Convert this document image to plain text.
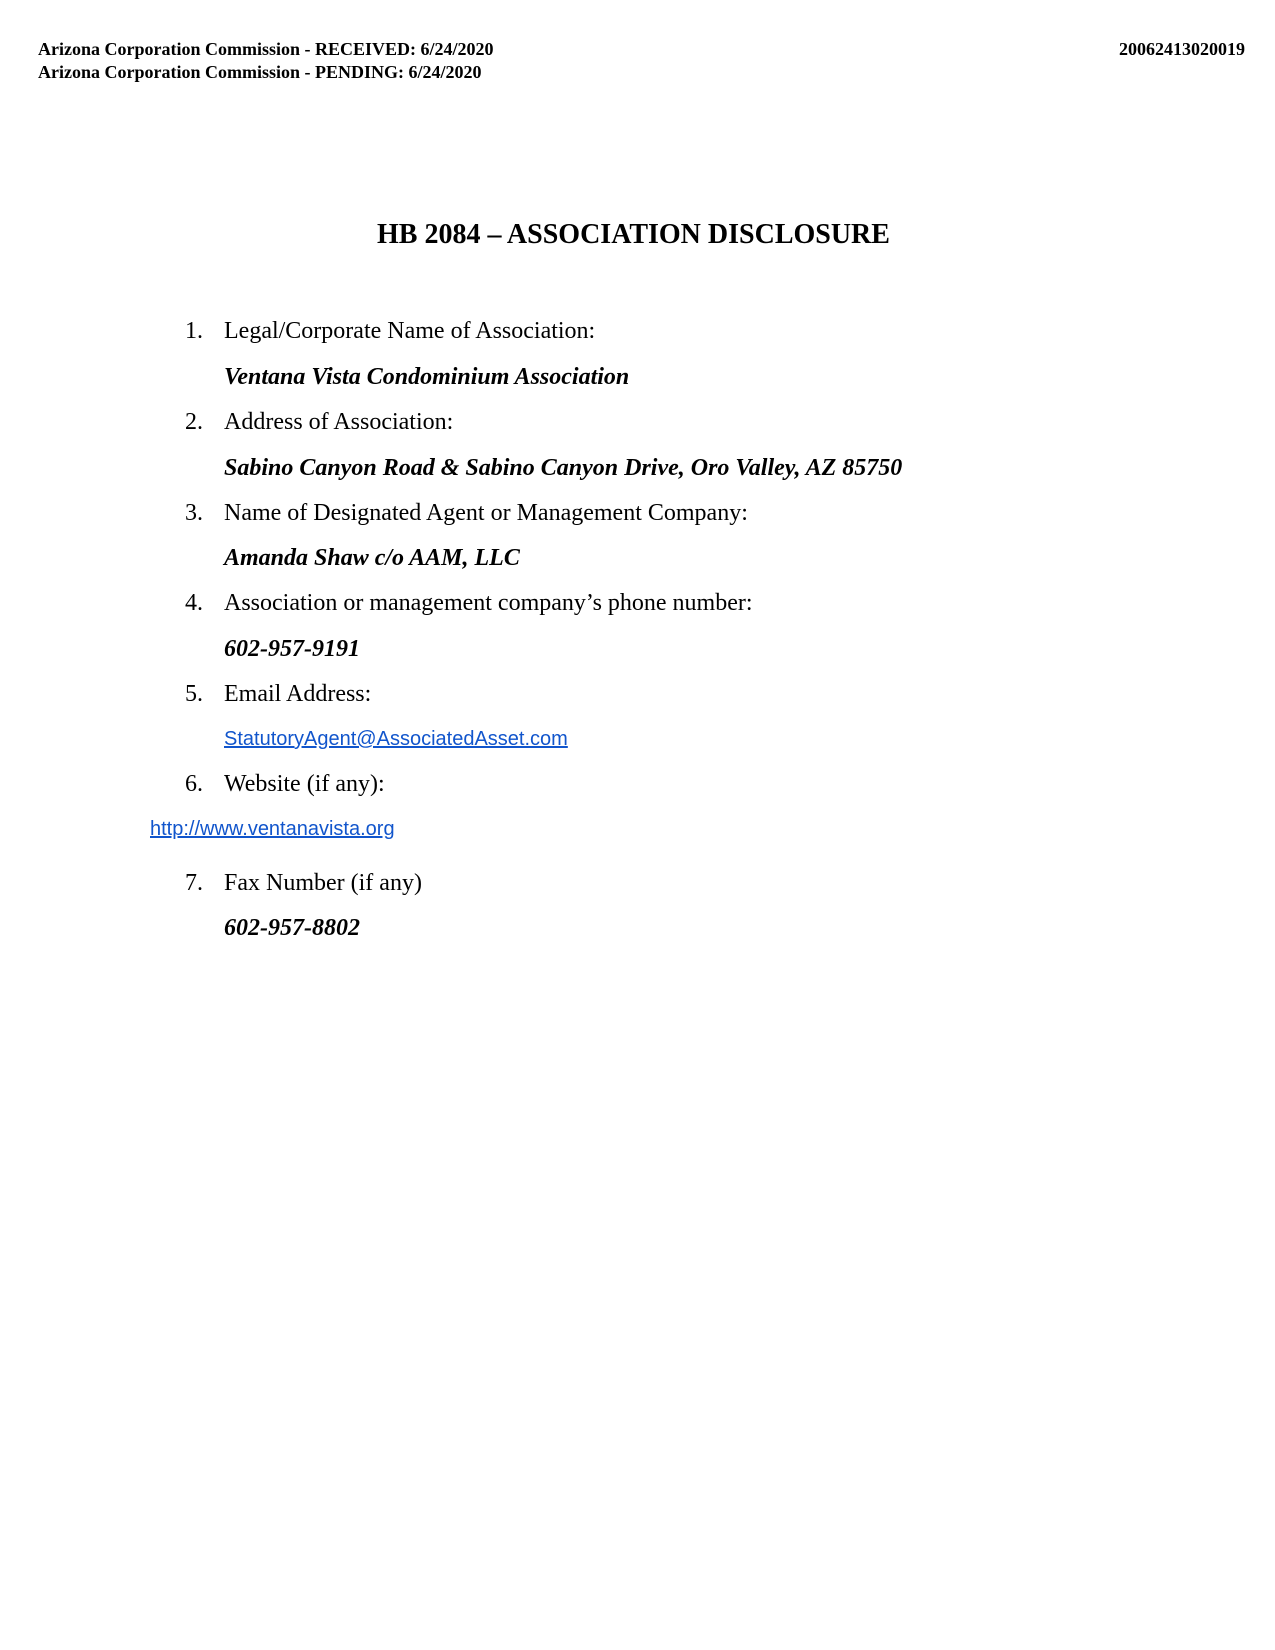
Arizona Corporation Commission - RECEIVED: 6/24/2020
Arizona Corporation Commission - PENDING: 6/24/2020
20062413020019
HB 2084 – ASSOCIATION DISCLOSURE
1. Legal/Corporate Name of Association:
Ventana Vista Condominium Association
2. Address of Association:
Sabino Canyon Road & Sabino Canyon Drive, Oro Valley, AZ 85750
3. Name of Designated Agent or Management Company:
Amanda Shaw c/o AAM, LLC
4. Association or management company’s phone number:
602-957-9191
5. Email Address:
StatutoryAgent@AssociatedAsset.com
6. Website (if any):
http://www.ventanavista.org
7. Fax Number (if any)
602-957-8802
